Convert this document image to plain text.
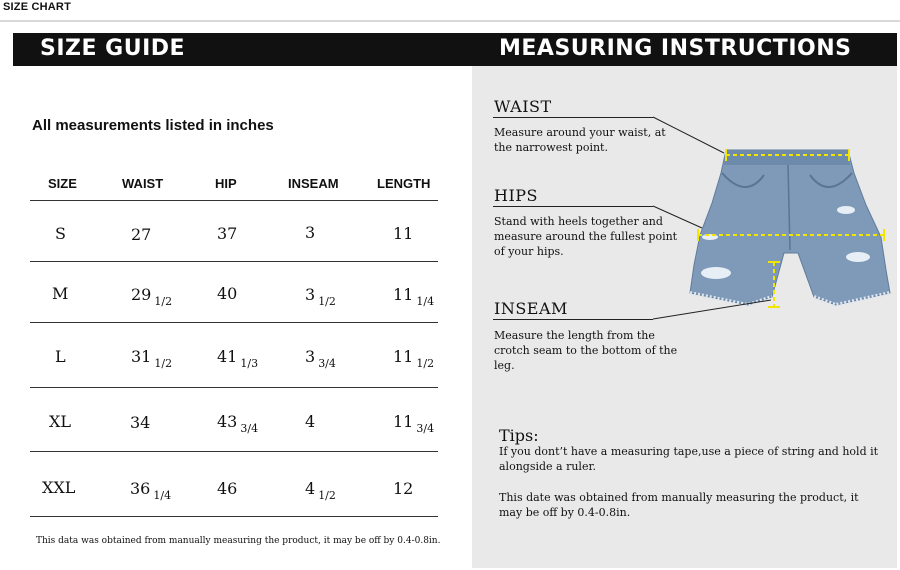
SIZE CHART
SIZE GUIDE	MEASURING INSTRUCTIONS
All measurements listed in inches
SIZE	WAIST	HIP	INSEAM	LENGTH
S	27	37	3	11
M	29 $_{1/2}$	40	3 $_{1/2}$	11 $_{1/4}$
L	31 $_{1/2}$	41 $_{1/3}$	3 $_{3/4}$	11 $_{1/2}$
XL	34	43 $_{3/4}$	4	11 $_{3/4}$
XXL	36 $_{1/4}$	46	4 $_{1/2}$	12
This data was obtained from manually measuring the product, it may be off by 0.4-0.8in.
WAIST
Measure around your waist, at the narrowest point.
HIPS
Stand with heels together and measure around the fullest point of your hips.
INSEAM
Measure the length from the crotch seam to the bottom of the leg.
Tips:
If you dont’t have a measuring tape,use a piece of string and hold it alongside a ruler.
This date was obtained from manually measuring the product, it may be off by 0.4-0.8in.
